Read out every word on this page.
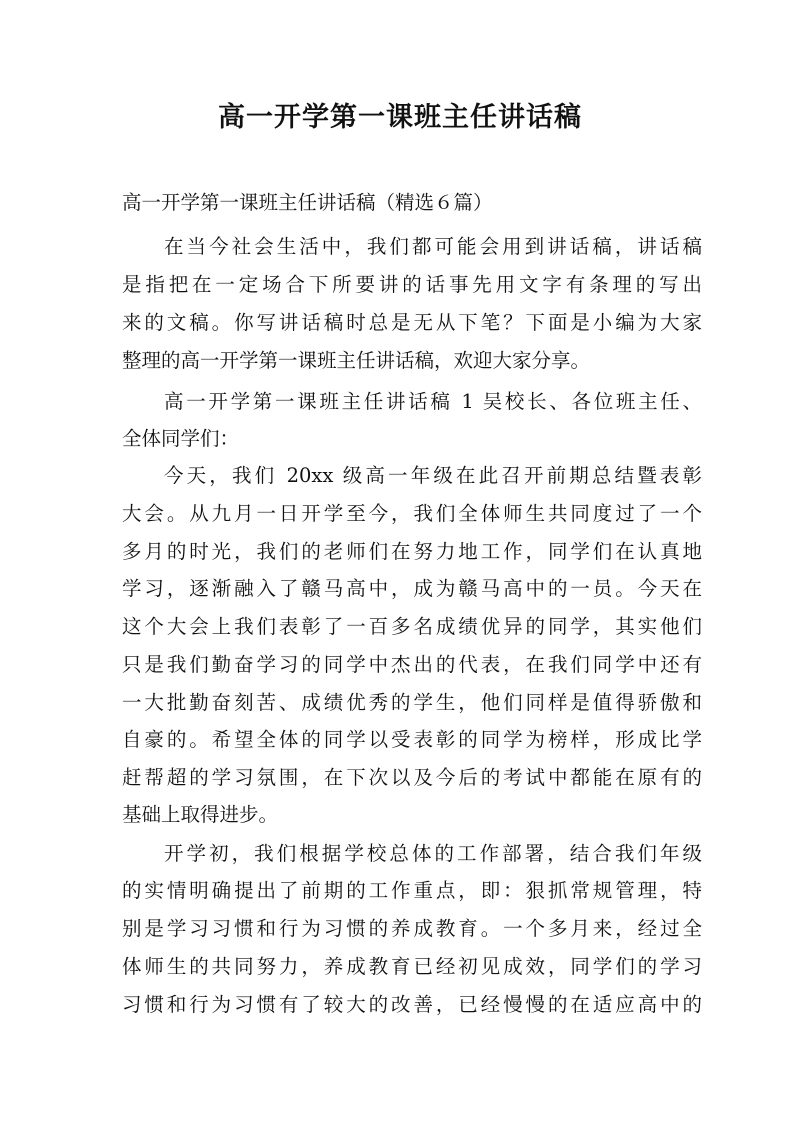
高一开学第一课班主任讲话稿
高一开学第一课班主任讲话稿（精选６篇）
在当今社会生活中，我们都可能会用到讲话稿，讲话稿
是指把在一定场合下所要讲的话事先用文字有条理的写出
来的文稿。你写讲话稿时总是无从下笔？下面是小编为大家
整理的高一开学第一课班主任讲话稿，欢迎大家分享。
高一开学第一课班主任讲话稿 1 吴校长、各位班主任、
全体同学们：
今天，我们 20xx 级高一年级在此召开前期总结暨表彰
大会。从九月一日开学至今，我们全体师生共同度过了一个
多月的时光，我们的老师们在努力地工作，同学们在认真地
学习，逐渐融入了赣马高中，成为赣马高中的一员。今天在
这个大会上我们表彰了一百多名成绩优异的同学，其实他们
只是我们勤奋学习的同学中杰出的代表，在我们同学中还有
一大批勤奋刻苦、成绩优秀的学生，他们同样是值得骄傲和
自豪的。希望全体的同学以受表彰的同学为榜样，形成比学
赶帮超的学习氛围，在下次以及今后的考试中都能在原有的
基础上取得进步。
开学初，我们根据学校总体的工作部署，结合我们年级
的实情明确提出了前期的工作重点，即：狠抓常规管理，特
别是学习习惯和行为习惯的养成教育。一个多月来，经过全
体师生的共同努力，养成教育已经初见成效，同学们的学习
习惯和行为习惯有了较大的改善，已经慢慢的在适应高中的
